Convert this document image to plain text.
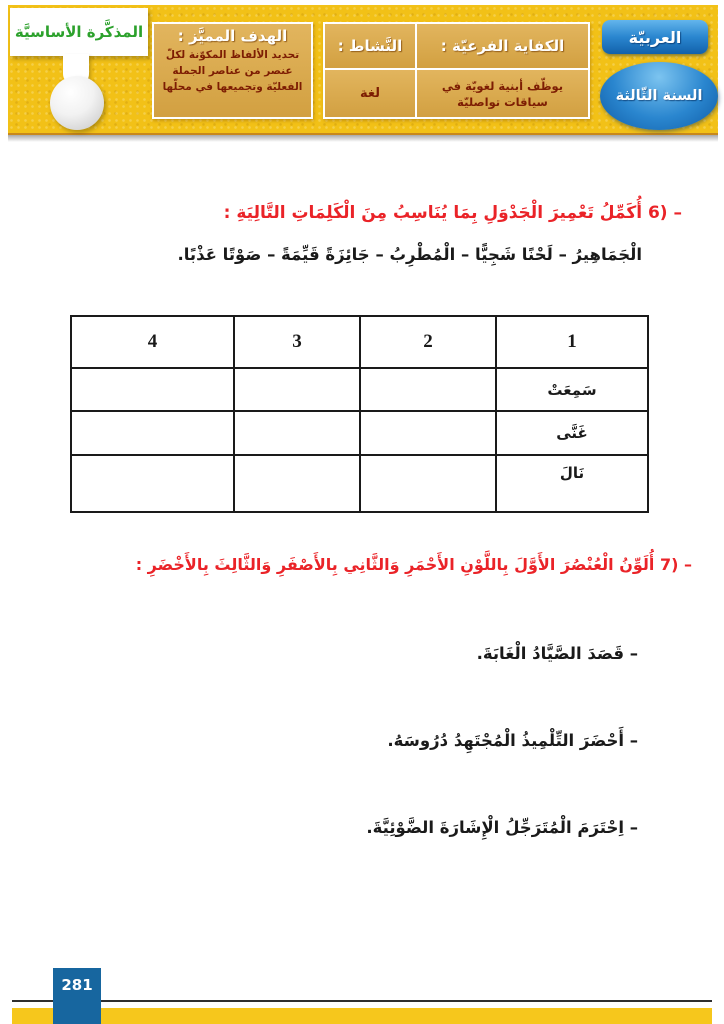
المذكَّرة الأساسيَّة	الهدف المميَّز :
تحديد الألفاظ المكوّنة لكلّ عنصر من عناصر الجملة الفعليّة وتجميعها في محلّها
النَّشاط :	الكفاية الفرعيّة :
لغة	يوظّف أبنية لغويّة في سياقات تواصليّة
العربيّة
السنة الثّالثة
6) – أُكَمِّلُ تَعْمِيرَ الْجَدْوَلِ بِمَا يُنَاسِبُ مِنَ الْكَلِمَاتِ التَّالِيَةِ :
الْجَمَاهِيرُ – لَحْنًا شَجِيًّا – الْمُطْرِبُ – جَائِزَةً قَيِّمَةً – صَوْتًا عَذْبًا.
1	2	3	4
سَمِعَتْ			
غَنَّى			
نَالَ			
7) – أُلَوِّنُ الْعُنْصُرَ الأَوَّلَ بِاللَّوْنِ الأَحْمَرِ وَالثَّانِي بِالأَصْفَرِ وَالثَّالِثَ بِالأَخْضَرِ :
– قَصَدَ الصَّيَّادُ الْغَابَةَ.
– أَحْضَرَ التِّلْمِيذُ الْمُجْتَهِدُ دُرُوسَهُ.
– اِحْتَرَمَ الْمُتَرَجِّلُ الْإِشَارَةَ الضَّوْئِيَّةَ.
281
